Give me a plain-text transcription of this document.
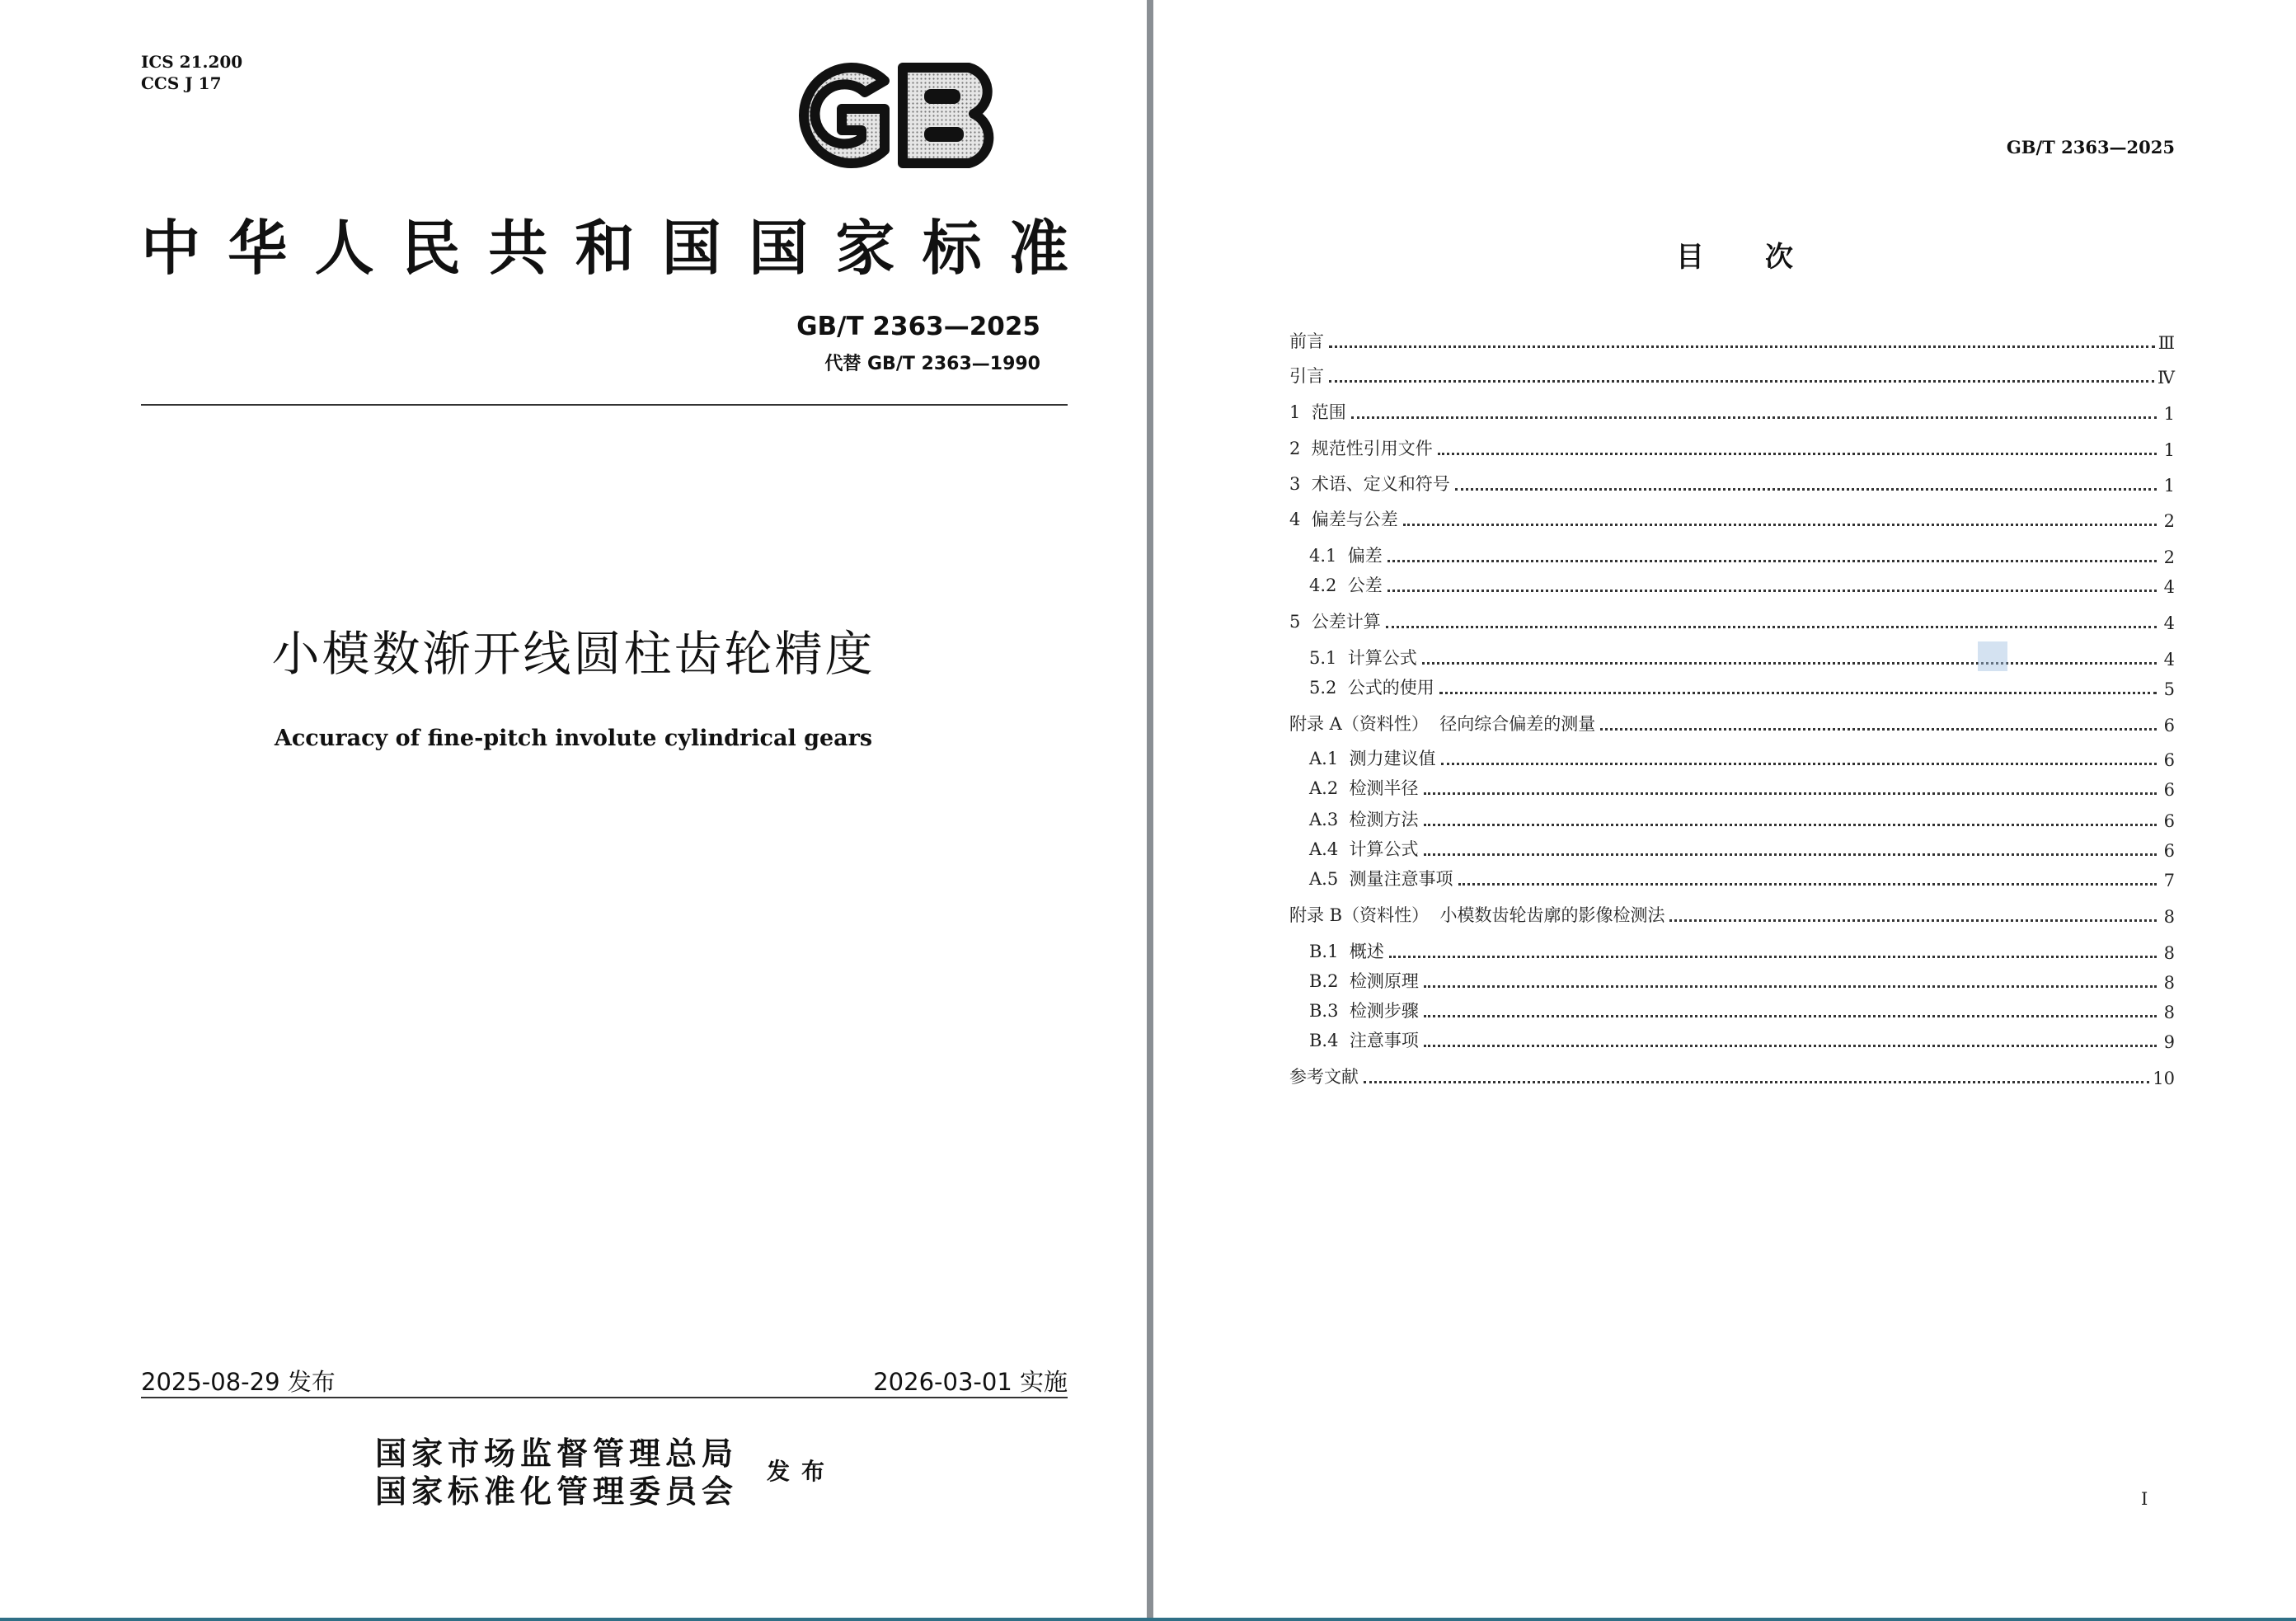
ICS 21.200
CCS J 17
中 华 人 民 共 和 国 国 家 标 准
GB/T 2363—2025
代替 GB/T 2363—1990
小模数渐开线圆柱齿轮精度
Accuracy of fine-pitch involute cylindrical gears
2025-08-29 发布	2026-03-01 实施
国家市场监督管理总局
国家标准化管理委员会
发布
GB/T 2363—2025
目次
前言	Ⅲ
引言	Ⅳ
1  范围	1
2  规范性引用文件	1
3  术语、定义和符号	1
4  偏差与公差	2
4.1  偏差	2
4.2  公差	4
5  公差计算	4
5.1  计算公式	4
5.2  公式的使用	5
附录 A（资料性）  径向综合偏差的测量	6
A.1  测力建议值	6
A.2  检测半径	6
A.3  检测方法	6
A.4  计算公式	6
A.5  测量注意事项	7
附录 B（资料性）  小模数齿轮齿廓的影像检测法	8
B.1  概述	8
B.2  检测原理	8
B.3  检测步骤	8
B.4  注意事项	9
参考文献	10
I
